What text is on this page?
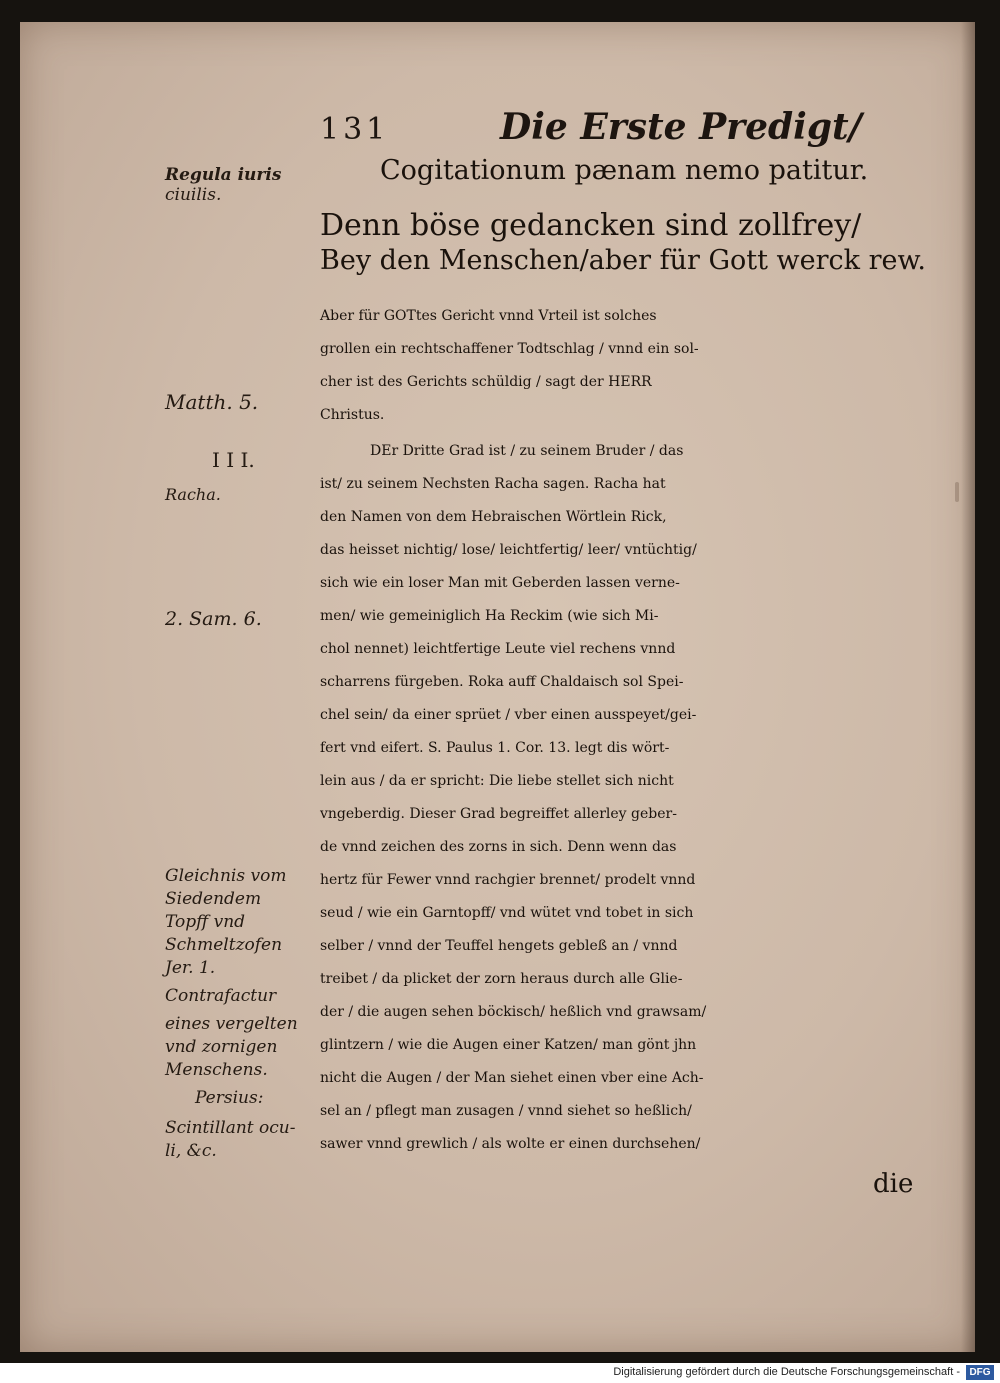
131	Die Erste Predigt/
Regula iuris
ciuilis.
Matth. 5.
I I I.
Racha.
2. Sam. 6.
Gleichnis vom
Siedendem
Topff vnd
Schmeltzofen
Jer. 1.
Contrafactur
eines vergelten
vnd zornigen
Menschens.
Persius:
Scintillant ocu-
li, &c.
Cogitationum pænam nemo patitur.
Denn böse gedancken sind zollfrey/
Bey den Menschen/aber für Gott werck rew.
Aber für GOTtes Gericht vnnd Vrteil ist solches
grollen ein rechtschaffener Todtschlag / vnnd ein sol-
cher ist des Gerichts schüldig / sagt der HERR
Christus.
DEr Dritte Grad ist / zu seinem Bruder / das
ist/ zu seinem Nechsten Racha sagen. Racha hat
den Namen von dem Hebraischen Wörtlein Rick,
das heisset nichtig/ lose/ leichtfertig/ leer/ vntüchtig/
sich wie ein loser Man mit Geberden lassen verne-
men/ wie gemeiniglich Ha Reckim (wie sich Mi-
chol nennet) leichtfertige Leute viel rechens vnnd
scharrens fürgeben. Roka auff Chaldaisch sol Spei-
chel sein/ da einer sprüet / vber einen ausspeyet/gei-
fert vnd eifert. S. Paulus 1. Cor. 13. legt dis wört-
lein aus / da er spricht: Die liebe stellet sich nicht
vngeberdig. Dieser Grad begreiffet allerley geber-
de vnnd zeichen des zorns in sich. Denn wenn das
hertz für Fewer vnnd rachgier brennet/ prodelt vnnd
seud / wie ein Garntopff/ vnd wütet vnd tobet in sich
selber / vnnd der Teuffel hengets gebleß an / vnnd
treibet / da plicket der zorn heraus durch alle Glie-
der / die augen sehen böckisch/ heßlich vnd grawsam/
glintzern / wie die Augen einer Katzen/ man gönt jhn
nicht die Augen / der Man siehet einen vber eine Ach-
sel an / pflegt man zusagen / vnnd siehet so heßlich/
sawer vnnd grewlich / als wolte er einen durchsehen/
die
Digitalisierung gefördert durch die Deutsche Forschungsgemeinschaft - DFG
